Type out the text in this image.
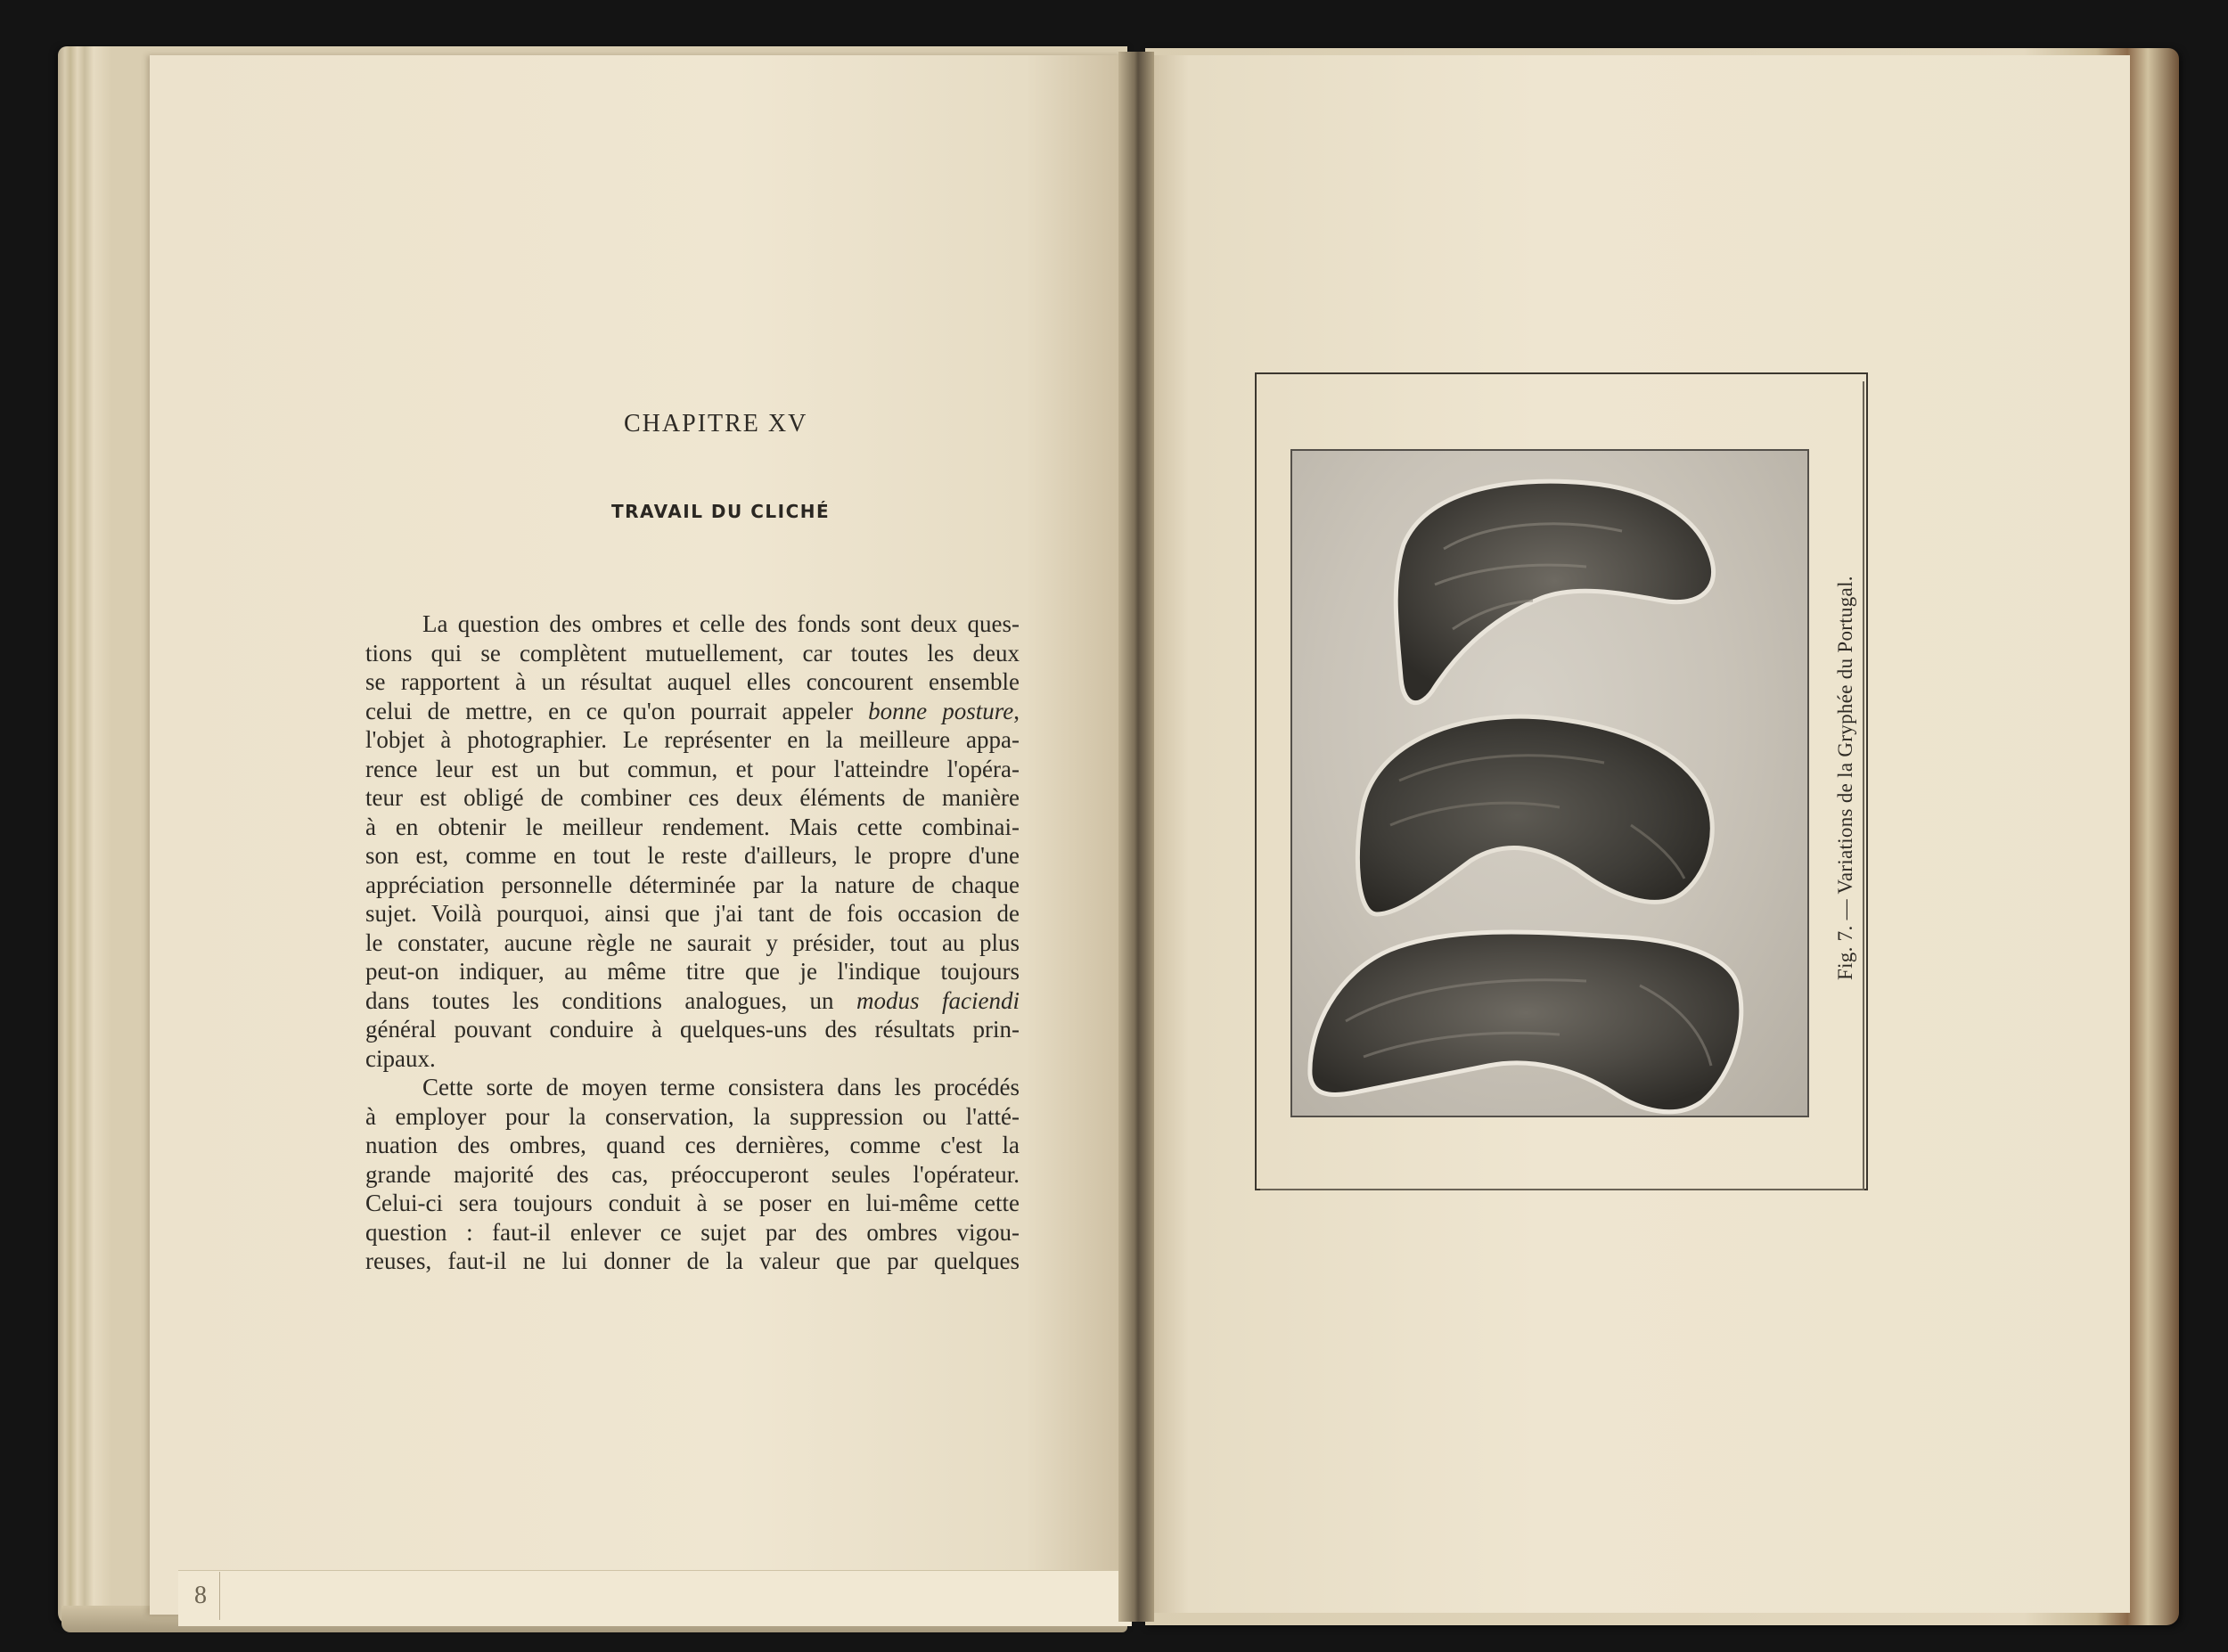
8
CHAPITRE XV
TRAVAIL DU CLICHÉ

La question des ombres et celle des fonds sont deux ques-

tions qui se complètent mutuellement, car toutes les deux

se rapportent à un résultat auquel elles concourent ensemble

celui de mettre, en ce qu'on pourrait appeler bonne posture,

l'objet à photographier. Le représenter en la meilleure appa-

rence leur est un but commun, et pour l'atteindre l'opéra-

teur est obligé de combiner ces deux éléments de manière

à en obtenir le meilleur rendement. Mais cette combinai-

son est, comme en tout le reste d'ailleurs, le propre d'une

appréciation personnelle déterminée par la nature de chaque

sujet. Voilà pourquoi, ainsi que j'ai tant de fois occasion de

le constater, aucune règle ne saurait y présider, tout au plus

peut-on indiquer, au même titre que je l'indique toujours

dans toutes les conditions analogues, un modus faciendi

général pouvant conduire à quelques-uns des résultats prin-

cipaux.

Cette sorte de moyen terme consistera dans les procédés

à employer pour la conservation, la suppression ou l'atté-

nuation des ombres, quand ces dernières, comme c'est la

grande majorité des cas, préoccuperont seules l'opérateur.

Celui-ci sera toujours conduit à se poser en lui-même cette

question : faut-il enlever ce sujet par des ombres vigou-

reuses, faut-il ne lui donner de la valeur que par quelques

Fig. 7. — Variations de la Gryphée du Portugal.
